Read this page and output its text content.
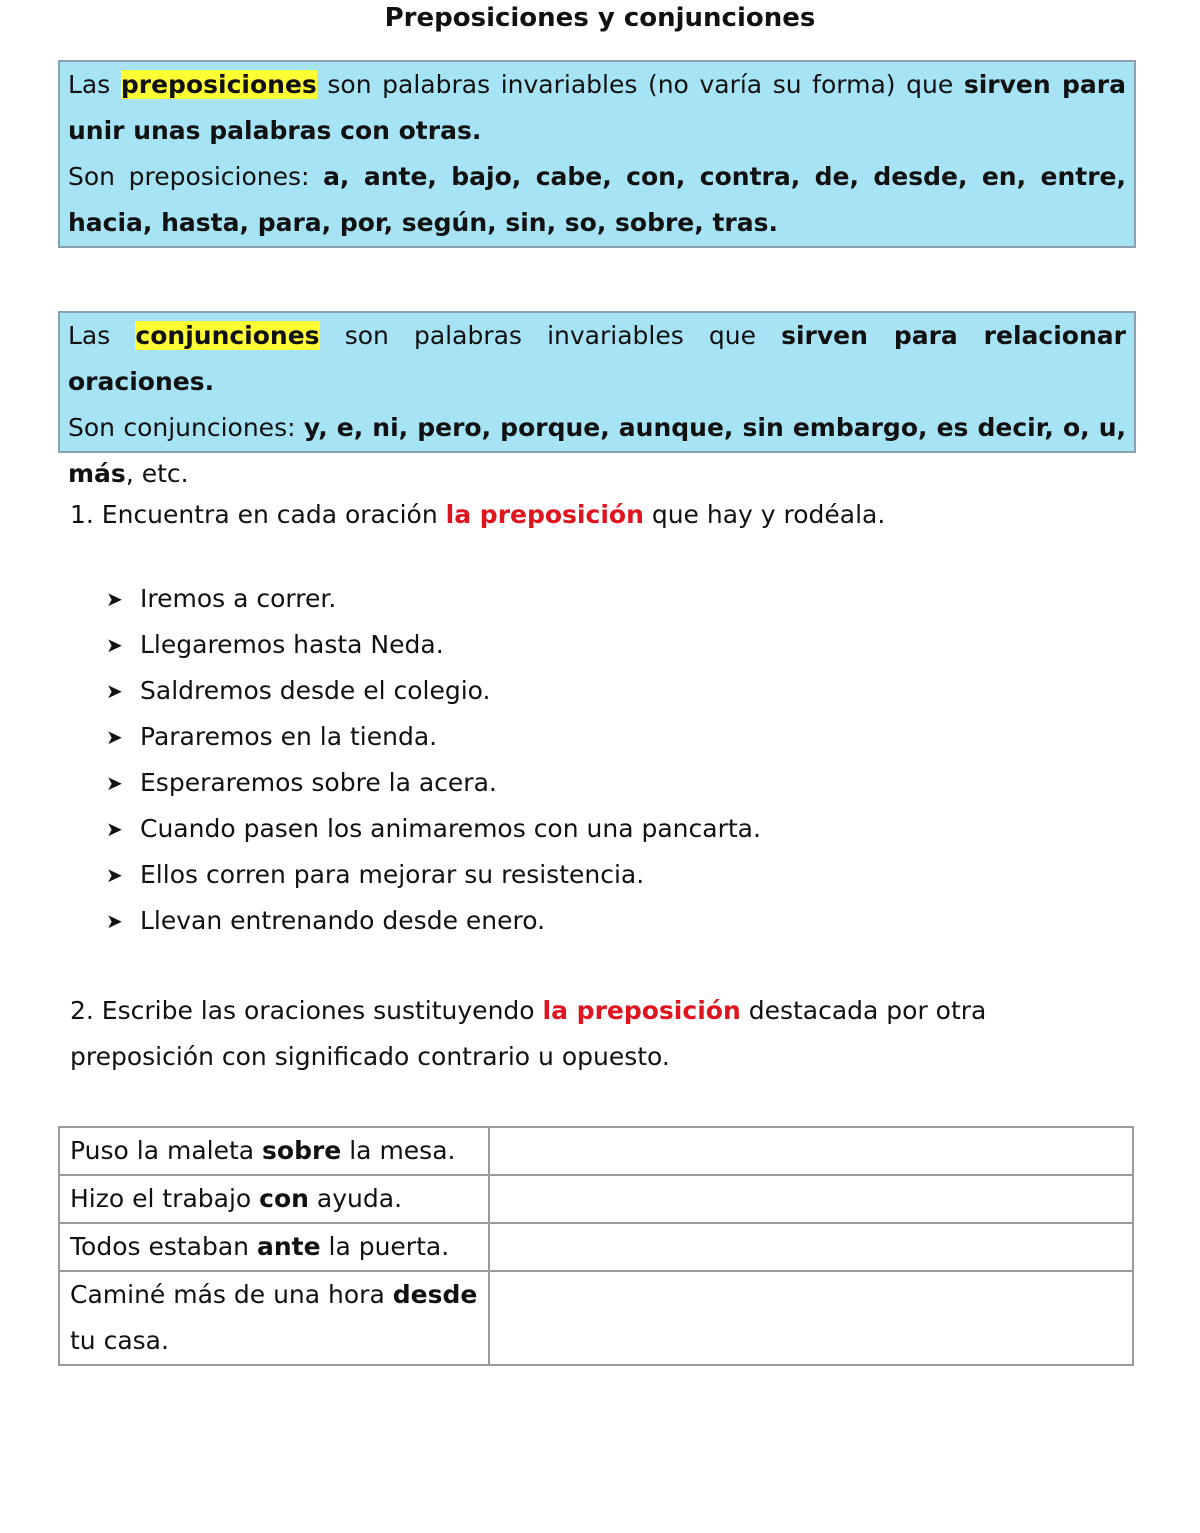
Preposiciones y conjunciones

Las preposiciones son palabras invariables (no varía su forma) que sirven para unir unas palabras con otras.

Son preposiciones: a, ante, bajo, cabe, con, contra, de, desde, en, entre, hacia, hasta, para, por, según, sin, so, sobre, tras.

Las conjunciones son palabras invariables que sirven para relacionar oraciones.

Son conjunciones: y, e, ni, pero, porque, aunque, sin embargo, es decir, o, u, más, etc.

1. Encuentra en cada oración la preposición que hay y rodéala.
➤ Iremos a correr.
➤ Llegaremos hasta Neda.
➤ Saldremos desde el colegio.
➤ Pararemos en la tienda.
➤ Esperaremos sobre la acera.
➤ Cuando pasen los animaremos con una pancarta.
➤ Ellos corren para mejorar su resistencia.
➤ Llevan entrenando desde enero.
2. Escribe las oraciones sustituyendo la preposición destacada por otra preposición con significado contrario u opuesto.
Puso la maleta sobre la mesa.	
Hizo el trabajo con ayuda.	
Todos estaban ante la puerta.	
Caminé más de una hora desde tu casa.	
